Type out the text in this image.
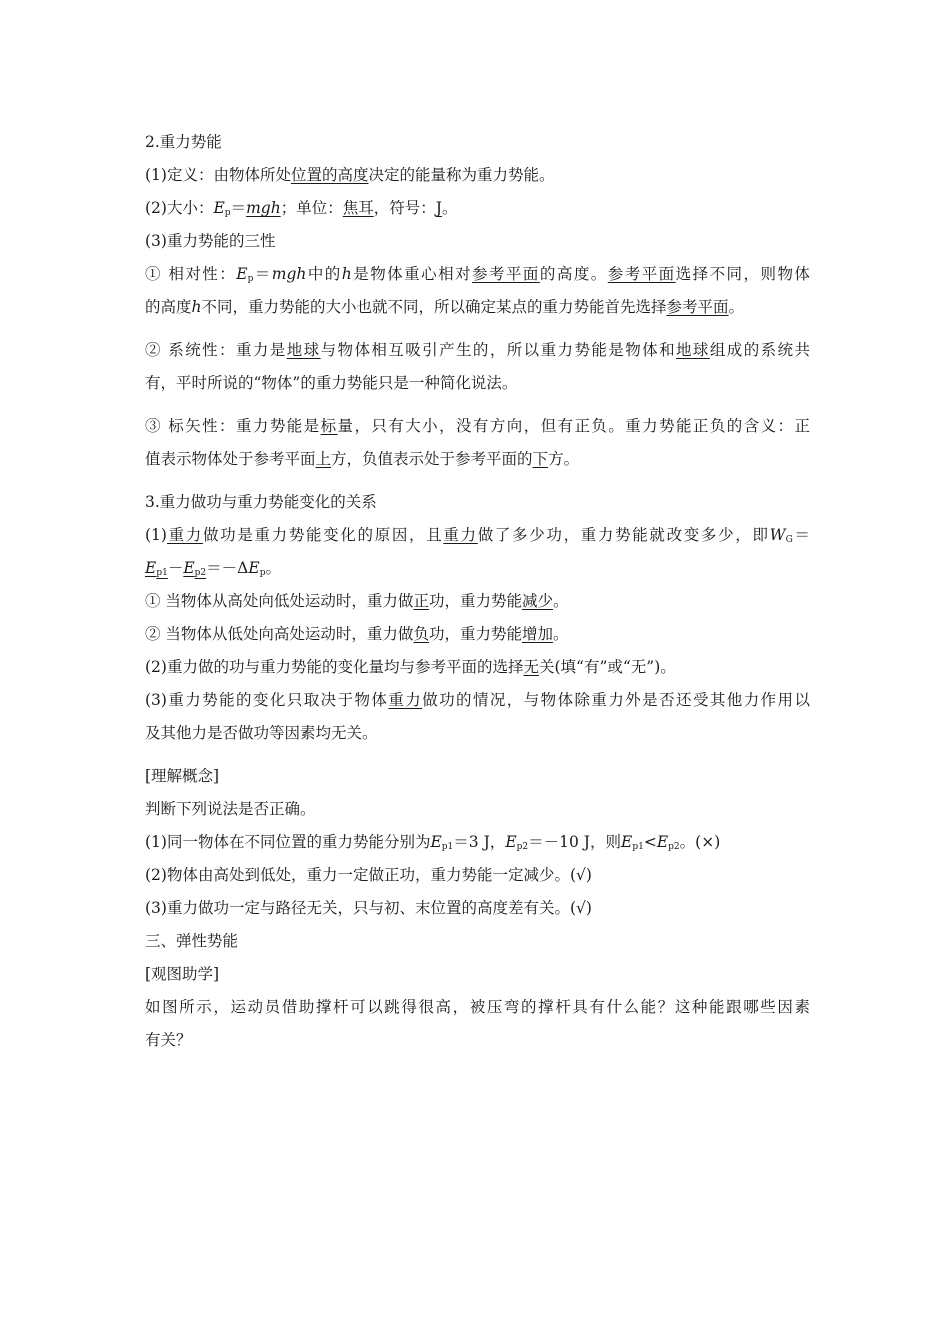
2.重力势能
(1)定义：由物体所处位置的高度决定的能量称为重力势能。
(2)大小：$E_p=mgh$；单位：焦耳，符号：J。
(3)重力势能的三性
① 相对性：$E_p=mgh$中的h是物体重心相对参考平面的高度。参考平面选择不同，则物体
的高度h不同，重力势能的大小也就不同，所以确定某点的重力势能首先选择参考平面。
② 系统性：重力是地球与物体相互吸引产生的，所以重力势能是物体和地球组成的系统共
有，平时所说的“物体”的重力势能只是一种简化说法。
③ 标矢性：重力势能是标量，只有大小，没有方向，但有正负。重力势能正负的含义：正
值表示物体处于参考平面上方，负值表示处于参考平面的下方。
3.重力做功与重力势能变化的关系
(1)重力做功是重力势能变化的原因，且重力做了多少功，重力势能就改变多少，即$W_G=$
$E_{p1}-E_{p2}=-\Delta E_p$。
① 当物体从高处向低处运动时，重力做正功，重力势能减少。
② 当物体从低处向高处运动时，重力做负功，重力势能增加。
(2)重力做的功与重力势能的变化量均与参考平面的选择无关(填“有”或“无”)。
(3)重力势能的变化只取决于物体重力做功的情况，与物体除重力外是否还受其他力作用以
及其他力是否做功等因素均无关。
[理解概念]
判断下列说法是否正确。
(1)同一物体在不同位置的重力势能分别为$E_{p1}=3$ J，$E_{p2}=-10$ J，则$E_{p1}<E_{p2}$。(×)
(2)物体由高处到低处，重力一定做正功，重力势能一定减少。(√)
(3)重力做功一定与路径无关，只与初、末位置的高度差有关。(√)
三、弹性势能
[观图助学]
如图所示，运动员借助撑杆可以跳得很高，被压弯的撑杆具有什么能？这种能跟哪些因素
有关？
